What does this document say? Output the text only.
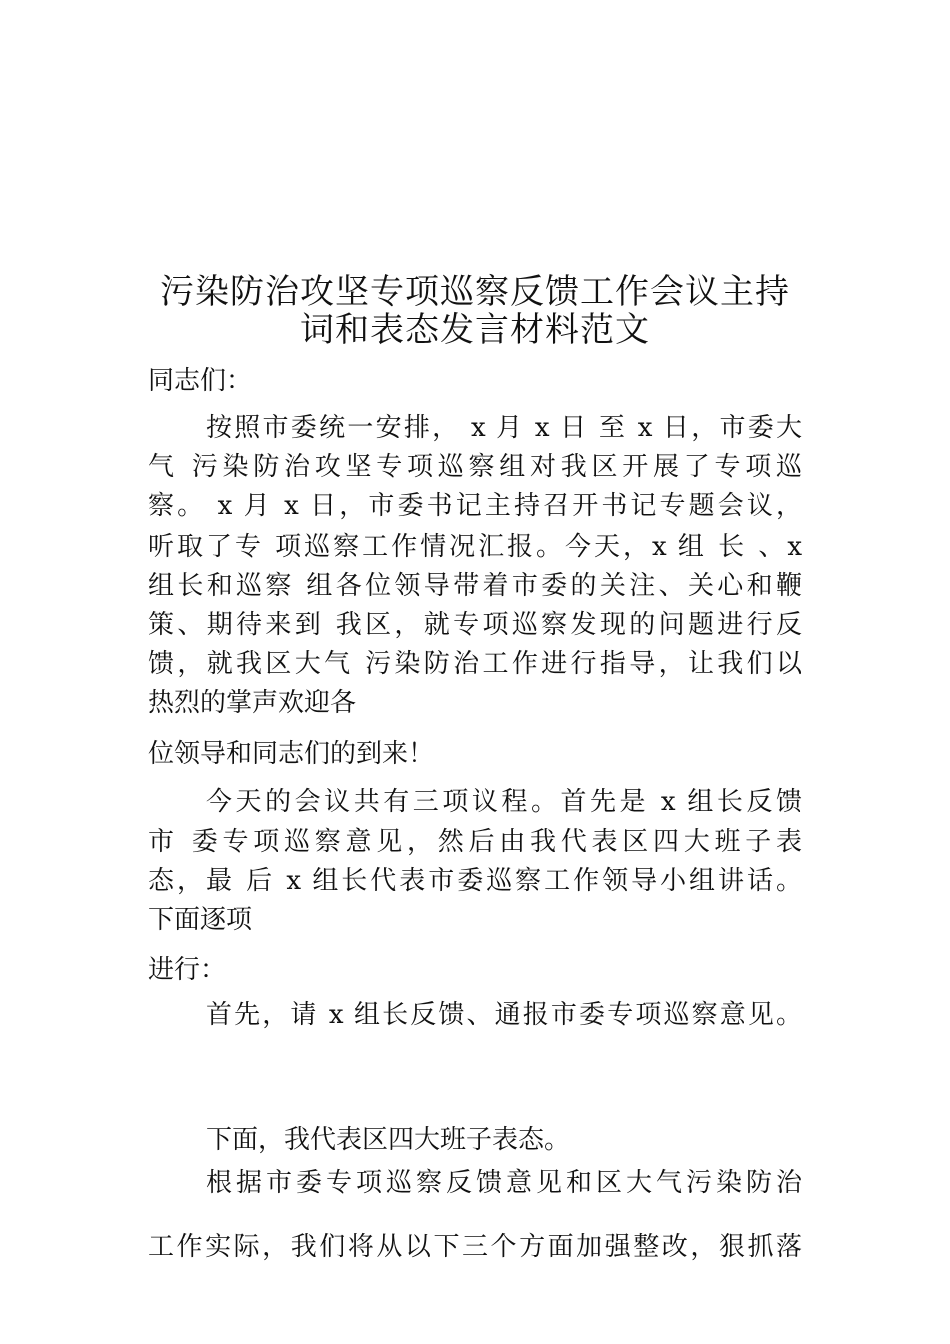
污染防治攻坚专项巡察反馈工作会议主持
词和表态发言材料范文

同志们：

按照市委统一安排， x 月 x 日 至 x 日，市委大

气 污染防治攻坚专项巡察组对我区开展了专项巡

察。 x 月 x 日，市委书记主持召开书记专题会议，

听取了专 项巡察工作情况汇报。今天，x 组 长 、x

组长和巡察 组各位领导带着市委的关注、关心和鞭

策、期待来到 我区，就专项巡察发现的问题进行反

馈，就我区大气 污染防治工作进行指导，让我们以

热烈的掌声欢迎各

位领导和同志们的到来！

今天的会议共有三项议程。首先是 x 组长反馈

市 委专项巡察意见，然后由我代表区四大班子表

态，最 后 x 组长代表市委巡察工作领导小组讲话。

下面逐项

进行：

首先，请 x 组长反馈、通报市委专项巡察意见。

下面，我代表区四大班子表态。

根据市委专项巡察反馈意见和区大气污染防治

工作实际，我们将从以下三个方面加强整改，狠抓落
